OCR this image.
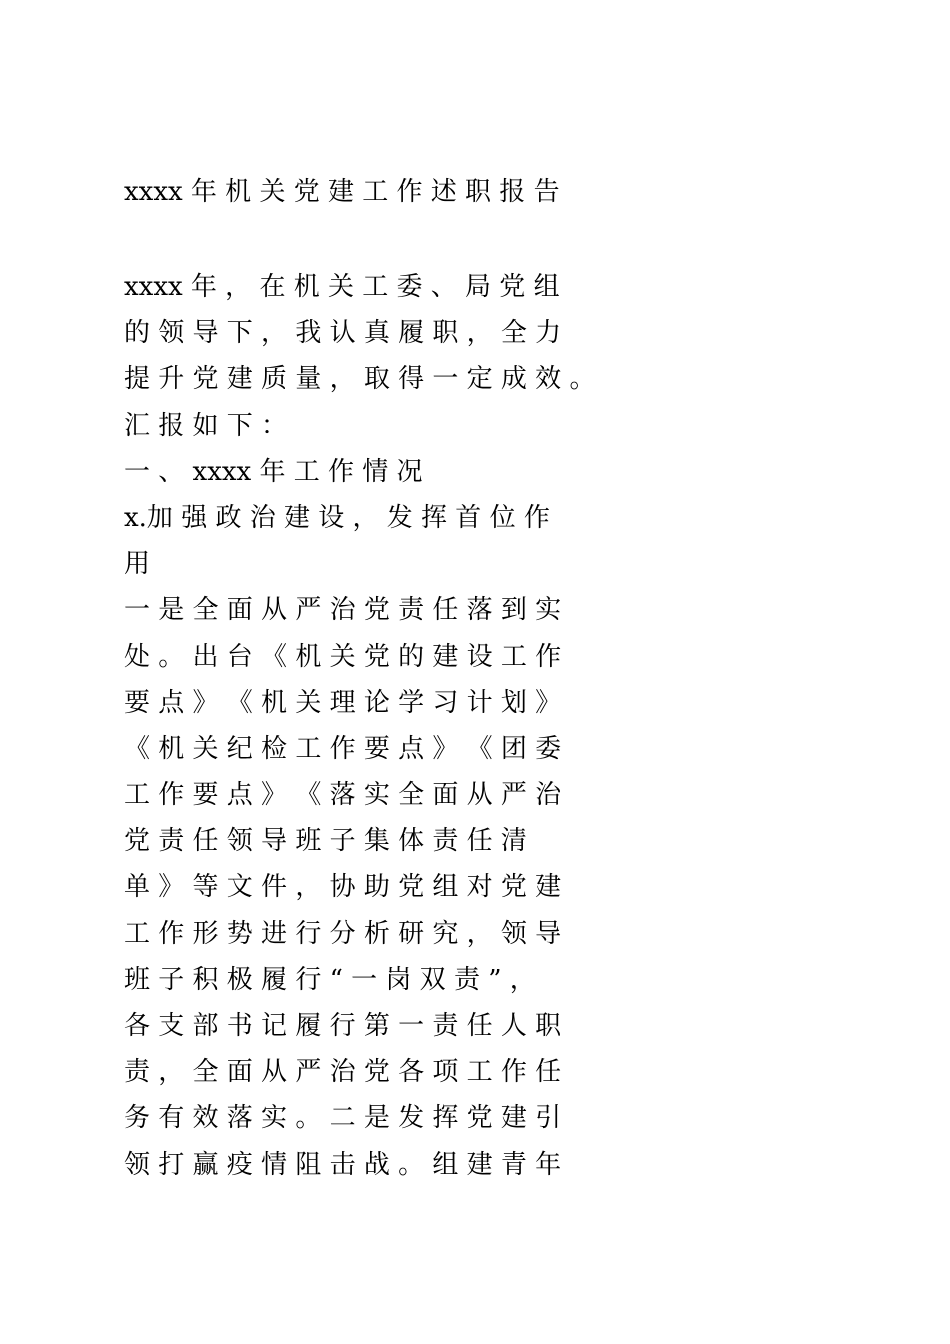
xxxx 年 机 关 党 建 工 作 述 职 报 告
xxxx 年 ， 在 机 关 工 委 、 局 党 组
的 领 导 下 ， 我 认 真 履 职 ， 全 力
提 升 党 建 质 量 ， 取 得 一 定 成 效 。
汇 报 如 下 ：
一 、 xxxx 年 工 作 情 况
x.加 强 政 治 建 设 ， 发 挥 首 位 作
用
一 是 全 面 从 严 治 党 责 任 落 到 实
处 。 出 台 《 机 关 党 的 建 设 工 作
要 点 》 《 机 关 理 论 学 习 计 划 》
《 机 关 纪 检 工 作 要 点 》 《 团 委
工 作 要 点 》 《 落 实 全 面 从 严 治
党 责 任 领 导 班 子 集 体 责 任 清
单 》 等 文 件 ， 协 助 党 组 对 党 建
工 作 形 势 进 行 分 析 研 究 ， 领 导
班 子 积 极 履 行 “ 一 岗 双 责 ” ，
各 支 部 书 记 履 行 第 一 责 任 人 职
责 ， 全 面 从 严 治 党 各 项 工 作 任
务 有 效 落 实 。 二 是 发 挥 党 建 引
领 打 赢 疫 情 阻 击 战 。 组 建 青 年
